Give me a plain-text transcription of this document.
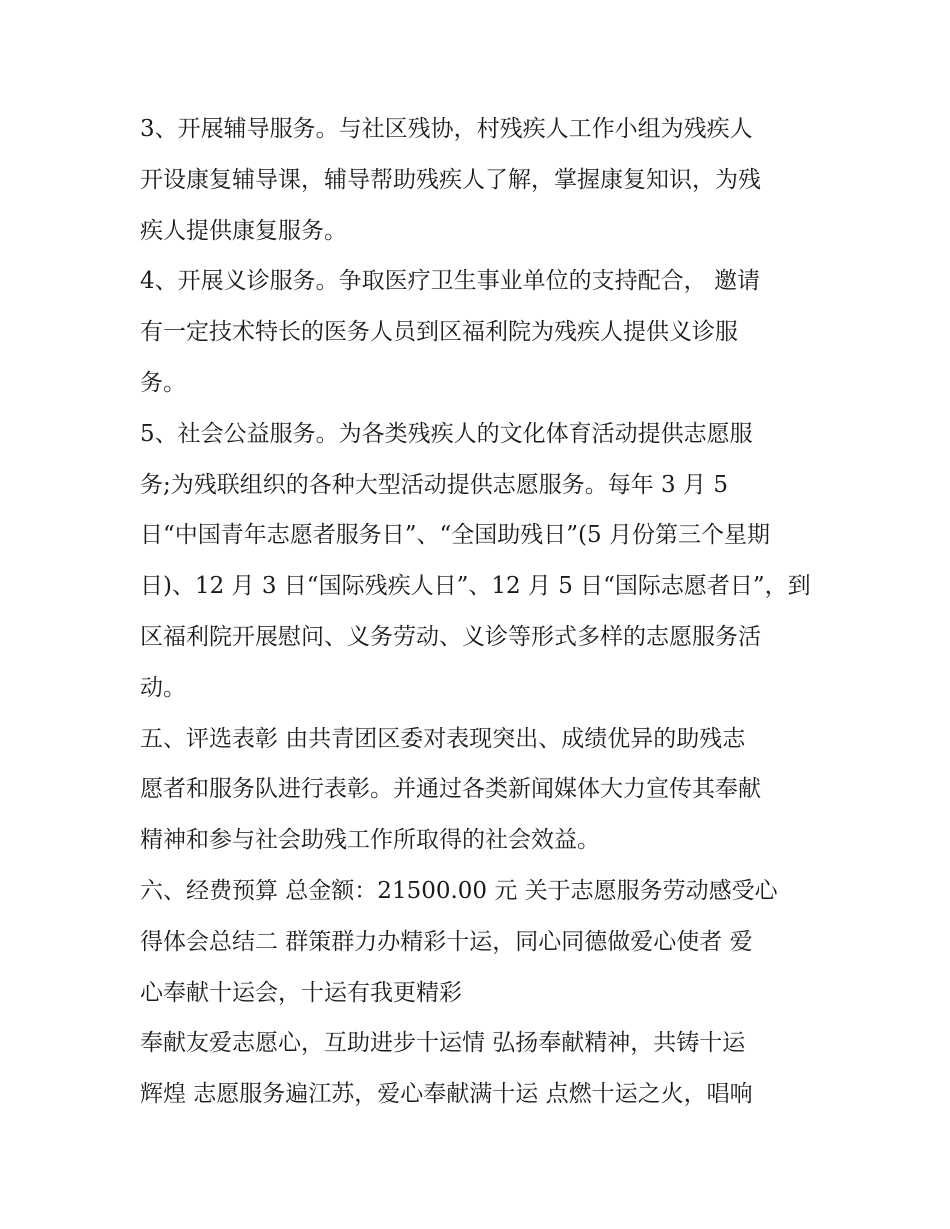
3、开展辅导服务。与社区残协，村残疾人工作小组为残疾人
开设康复辅导课，辅导帮助残疾人了解，掌握康复知识，为残
疾人提供康复服务。
4、开展义诊服务。争取医疗卫生事业单位的支持配合， 邀请
有一定技术特长的医务人员到区福利院为残疾人提供义诊服
务。
5、社会公益服务。为各类残疾人的文化体育活动提供志愿服
务;为残联组织的各种大型活动提供志愿服务。每年 3 月 5
日“中国青年志愿者服务日”、“全国助残日”(5 月份第三个星期
日)、12 月 3 日“国际残疾人日”、12 月 5 日“国际志愿者日”，到
区福利院开展慰问、义务劳动、义诊等形式多样的志愿服务活
动。
五、评选表彰 由共青团区委对表现突出、成绩优异的助残志
愿者和服务队进行表彰。并通过各类新闻媒体大力宣传其奉献
精神和参与社会助残工作所取得的社会效益。
六、经费预算 总金额：21500.00 元 关于志愿服务劳动感受心
得体会总结二 群策群力办精彩十运，同心同德做爱心使者 爱
心奉献十运会，十运有我更精彩
奉献友爱志愿心，互助进步十运情 弘扬奉献精神，共铸十运
辉煌 志愿服务遍江苏，爱心奉献满十运 点燃十运之火，唱响
